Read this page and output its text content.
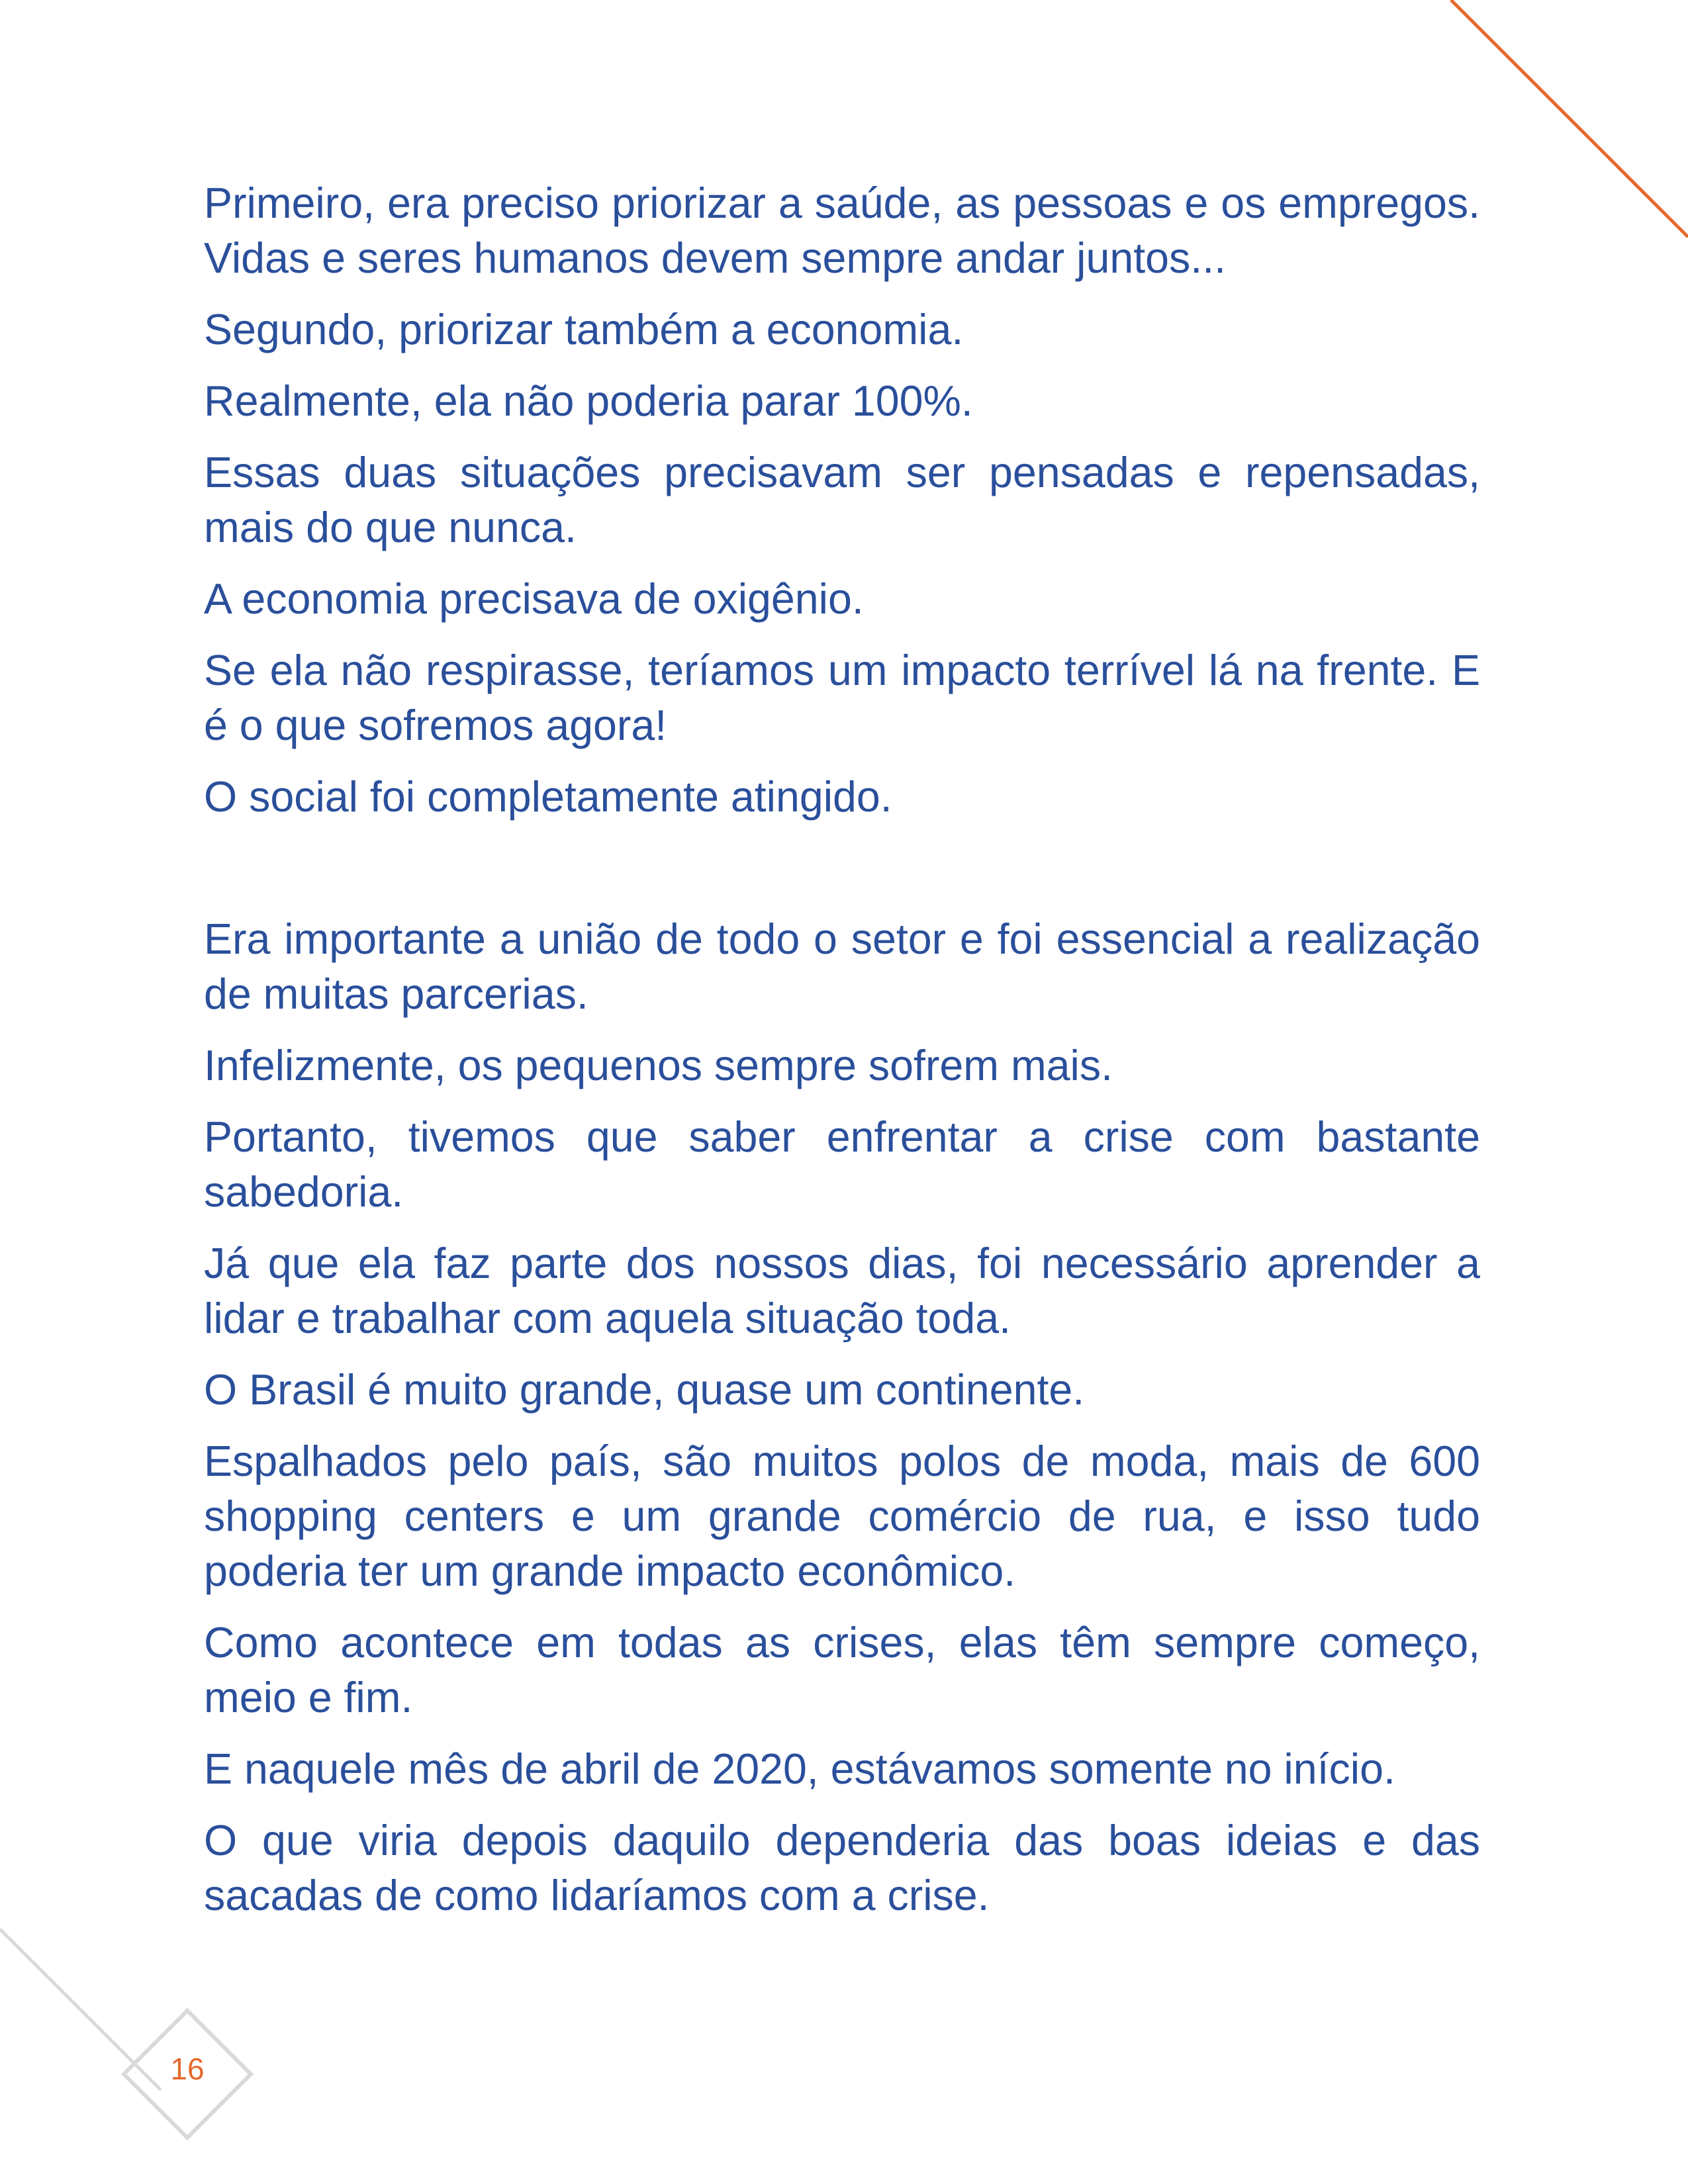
Primeiro, era preciso priorizar a saúde, as pessoas e os empregos. Vidas e seres humanos devem sempre andar juntos...

Segundo, priorizar também a economia.

Realmente, ela não poderia parar 100%.

Essas duas situações precisavam ser pensadas e repensadas, mais do que nunca.

A economia precisava de oxigênio.

Se ela não respirasse, teríamos um impacto terrível lá na frente. E é o que sofremos agora!

O social foi completamente atingido.

Era importante a união de todo o setor e foi essencial a realização de muitas parcerias.

Infelizmente, os pequenos sempre sofrem mais.

Portanto, tivemos que saber enfrentar a crise com bastante sabedoria.

Já que ela faz parte dos nossos dias, foi necessário aprender a lidar e trabalhar com aquela situação toda.

O Brasil é muito grande, quase um continente.

Espalhados pelo país, são muitos polos de moda, mais de 600 shopping centers e um grande comércio de rua, e isso tudo poderia ter um grande impacto econômico.

Como acontece em todas as crises, elas têm sempre começo, meio e fim.

E naquele mês de abril de 2020, estávamos somente no início.

O que viria depois daquilo dependeria das boas ideias e das sacadas de como lidaríamos com a crise.

16
